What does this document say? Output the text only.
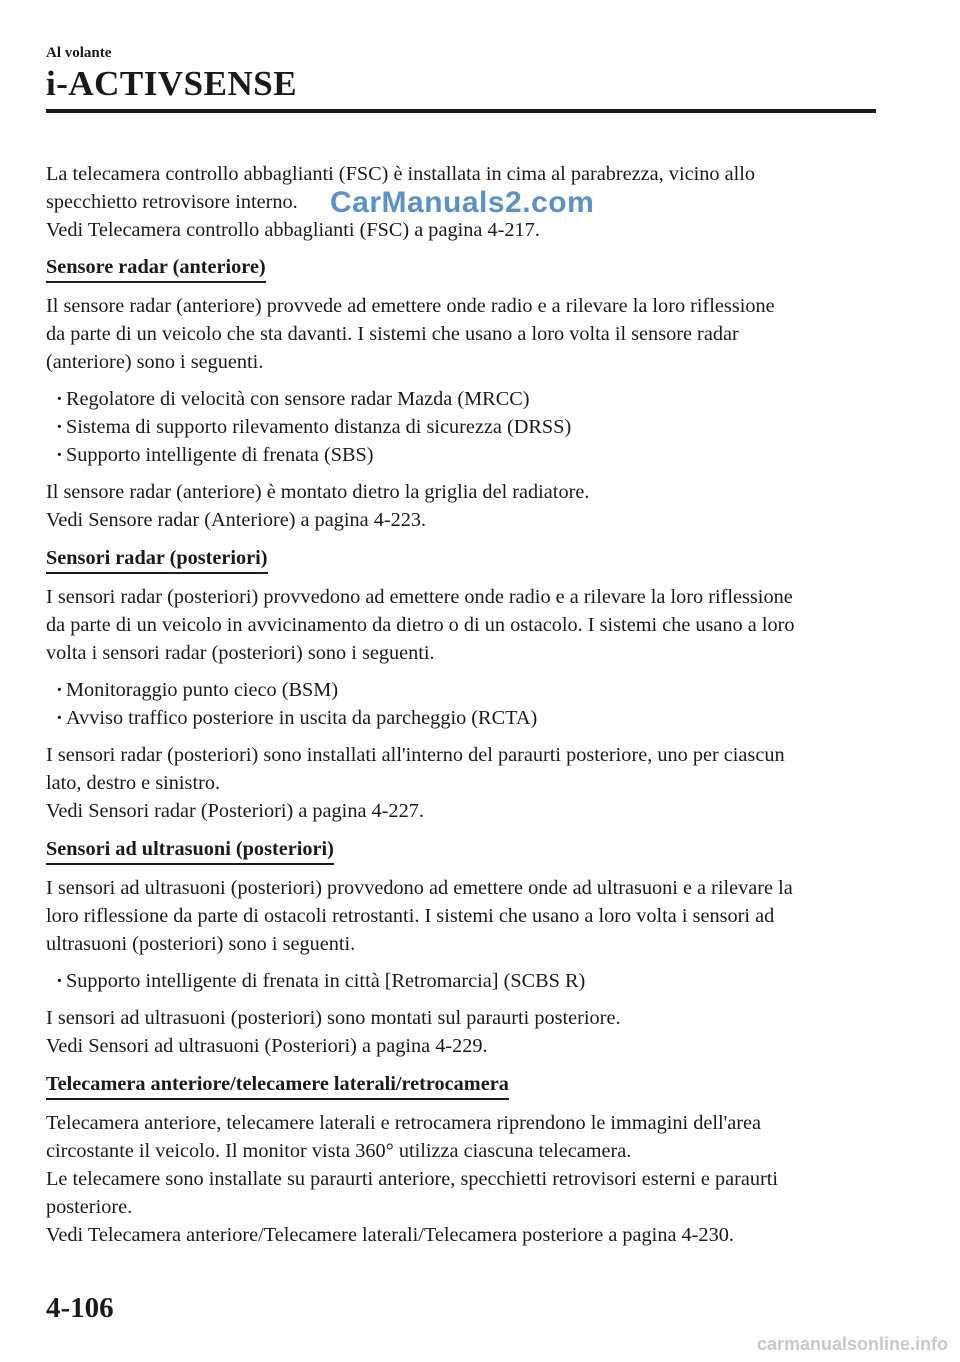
Al volante
i-ACTIVSENSE

La telecamera controllo abbaglianti (FSC) è installata in cima al parabrezza, vicino allo
specchietto retrovisore interno.
Vedi Telecamera controllo abbaglianti (FSC) a pagina 4-217.

Sensore radar (anteriore)

Il sensore radar (anteriore) provvede ad emettere onde radio e a rilevare la loro riflessione
da parte di un veicolo che sta davanti. I sistemi che usano a loro volta il sensore radar
(anteriore) sono i seguenti.

· Regolatore di velocità con sensore radar Mazda (MRCC)
· Sistema di supporto rilevamento distanza di sicurezza (DRSS)
· Supporto intelligente di frenata (SBS)

Il sensore radar (anteriore) è montato dietro la griglia del radiatore.
Vedi Sensore radar (Anteriore) a pagina 4-223.

Sensori radar (posteriori)

I sensori radar (posteriori) provvedono ad emettere onde radio e a rilevare la loro riflessione
da parte di un veicolo in avvicinamento da dietro o di un ostacolo. I sistemi che usano a loro
volta i sensori radar (posteriori) sono i seguenti.

· Monitoraggio punto cieco (BSM)
· Avviso traffico posteriore in uscita da parcheggio (RCTA)

I sensori radar (posteriori) sono installati all'interno del paraurti posteriore, uno per ciascun
lato, destro e sinistro.
Vedi Sensori radar (Posteriori) a pagina 4-227.

Sensori ad ultrasuoni (posteriori)

I sensori ad ultrasuoni (posteriori) provvedono ad emettere onde ad ultrasuoni e a rilevare la
loro riflessione da parte di ostacoli retrostanti. I sistemi che usano a loro volta i sensori ad
ultrasuoni (posteriori) sono i seguenti.

· Supporto intelligente di frenata in città [Retromarcia] (SCBS R)

I sensori ad ultrasuoni (posteriori) sono montati sul paraurti posteriore.
Vedi Sensori ad ultrasuoni (Posteriori) a pagina 4-229.

Telecamera anteriore/telecamere laterali/retrocamera

Telecamera anteriore, telecamere laterali e retrocamera riprendono le immagini dell'area
circostante il veicolo. Il monitor vista 360° utilizza ciascuna telecamera.
Le telecamere sono installate su paraurti anteriore, specchietti retrovisori esterni e paraurti
posteriore.
Vedi Telecamera anteriore/Telecamere laterali/Telecamera posteriore a pagina 4-230.

CarManuals2.com
4-106
carmanualsonline.info
